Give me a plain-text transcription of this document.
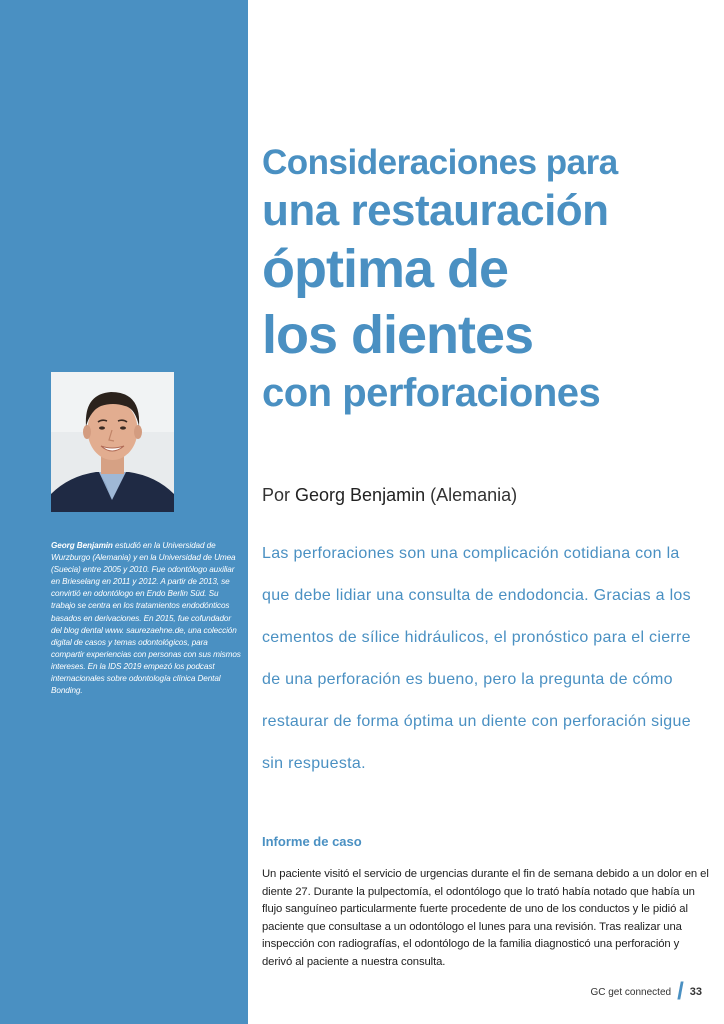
Georg Benjamin estudió en la Universidad de Wurzburgo (Alemania) y en la Universidad de Umea (Suecia) entre 2005 y 2010. Fue odontólogo auxiliar en Brieselang en 2011 y 2012. A partir de 2013, se convirtió en odontólogo en Endo Berlin Süd. Su trabajo se centra en los tratamientos endodónticos basados en derivaciones. En 2015, fue cofundador del blog dental www. saurezaehne.de, una colección digital de casos y temas odontológicos, para compartir experiencias con personas con sus mismos intereses. En la IDS 2019 empezó los podcast internacionales sobre odontología clínica Dental Bonding.

Consideraciones para
una restauración
óptima de
los dientes
con perforaciones
Por Georg Benjamin (Alemania)

Las perforaciones son una complicación cotidiana con la que debe lidiar una consulta de endodoncia. Gracias a los cementos de sílice hidráulicos, el pronóstico para el cierre de una perforación es bueno, pero la pregunta de cómo restaurar de forma óptima un diente con perforación sigue sin respuesta.

Informe de caso

Un paciente visitó el servicio de urgencias durante el fin de semana debido a un dolor en el diente 27. Durante la pulpectomía, el odontólogo que lo trató había notado que había un flujo sanguíneo particularmente fuerte procedente de uno de los conductos y le pidió al paciente que consultase a un odontólogo el lunes para una revisión. Tras realizar una inspección con radiografías, el odontólogo de la familia diagnosticó una perforación y derivó al paciente a nuestra consulta.

GC get connected / 33
